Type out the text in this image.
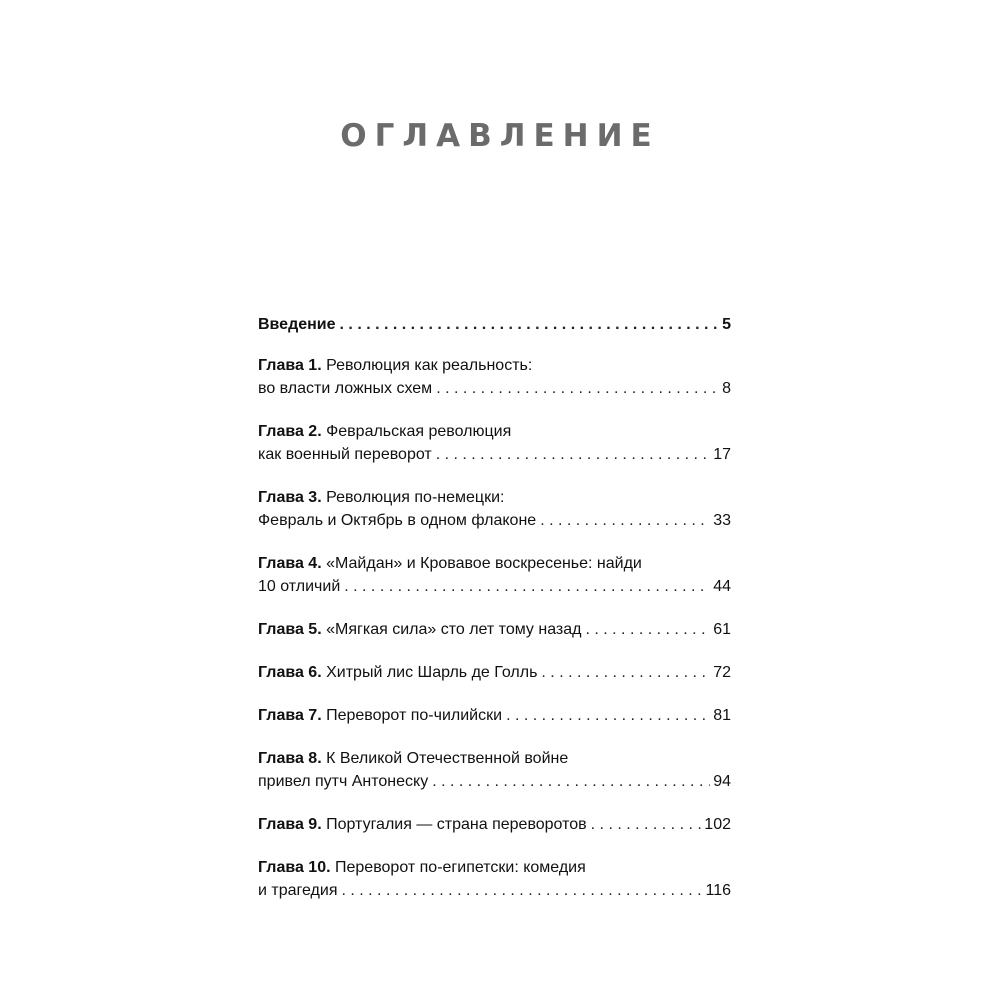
ОГЛАВЛЕНИЕ
Введение . . .	5
Глава 1. Революция как реальность:
во власти ложных схем . . .	8
Глава 2. Февральская революция
как военный переворот . . .	17
Глава 3. Революция по-немецки:
Февраль и Октябрь в одном флаконе . . .	33
Глава 4. «Майдан» и Кровавое воскресенье: найди
10 отличий . . .	44
Глава 5.
«Мягкая сила» сто лет тому назад . . .	61
Глава 6.
Хитрый лис Шарль де Голль . . .	72
Глава 7.
Переворот по-чилийски . . .	81
Глава 8. К Великой Отечественной войне
привел путч Антонеску . . .	94
Глава 9.
Португалия — страна переворотов . . .	102
Глава 10. Переворот по-египетски: комедия
и трагедия . . .	116
